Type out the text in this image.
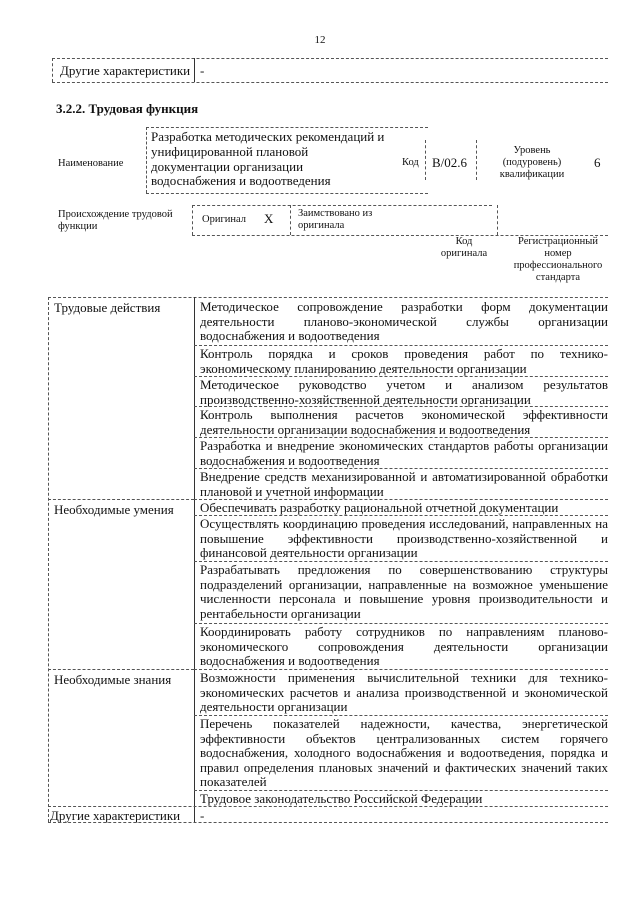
12
Другие характеристики -
3.2.2. Трудовая функция
Наименование
Разработка методических рекомендаций и
унифицированной плановой
документации организации
водоснабжения и водоотведения
Код B/02.6
Уровень
(подуровень)
квалификации
6
Происхождение трудовой
функции
Оригинал X Заимствовано из
оригинала
Код
оригинала
Регистрационный
номер
профессионального
стандарта
Трудовые действия
Необходимые умения
Необходимые знания

Методическое сопровождение разработки форм документации

деятельности планово-экономической службы организации

водоснабжения и водоотведения

Контроль порядка и сроков проведения работ по технико-

экономическому планированию деятельности организации

Методическое руководство учетом и анализом результатов

производственно-хозяйственной деятельности организации

Контроль выполнения расчетов экономической эффективности

деятельности организации водоснабжения и водоотведения

Разработка и внедрение экономических стандартов работы организации

водоснабжения и водоотведения

Внедрение средств механизированной и автоматизированной обработки

плановой и учетной информации

Обеспечивать разработку рациональной отчетной документации

Осуществлять координацию проведения исследований, направленных на

повышение эффективности производственно-хозяйственной и

финансовой деятельности организации

Разрабатывать предложения по совершенствованию структуры

подразделений организации, направленные на возможное уменьшение

численности персонала и повышение уровня производительности и

рентабельности организации

Координировать работу сотрудников по направлениям планово-

экономического сопровождения деятельности организации

водоснабжения и водоотведения

Возможности применения вычислительной техники для технико-

экономических расчетов и анализа производственной и экономической

деятельности организации

Перечень показателей надежности, качества, энергетической

эффективности объектов централизованных систем горячего

водоснабжения, холодного водоснабжения и водоотведения, порядка и

правил определения плановых значений и фактических значений таких

показателей

Трудовое законодательство Российской Федерации

Другие характеристики -
